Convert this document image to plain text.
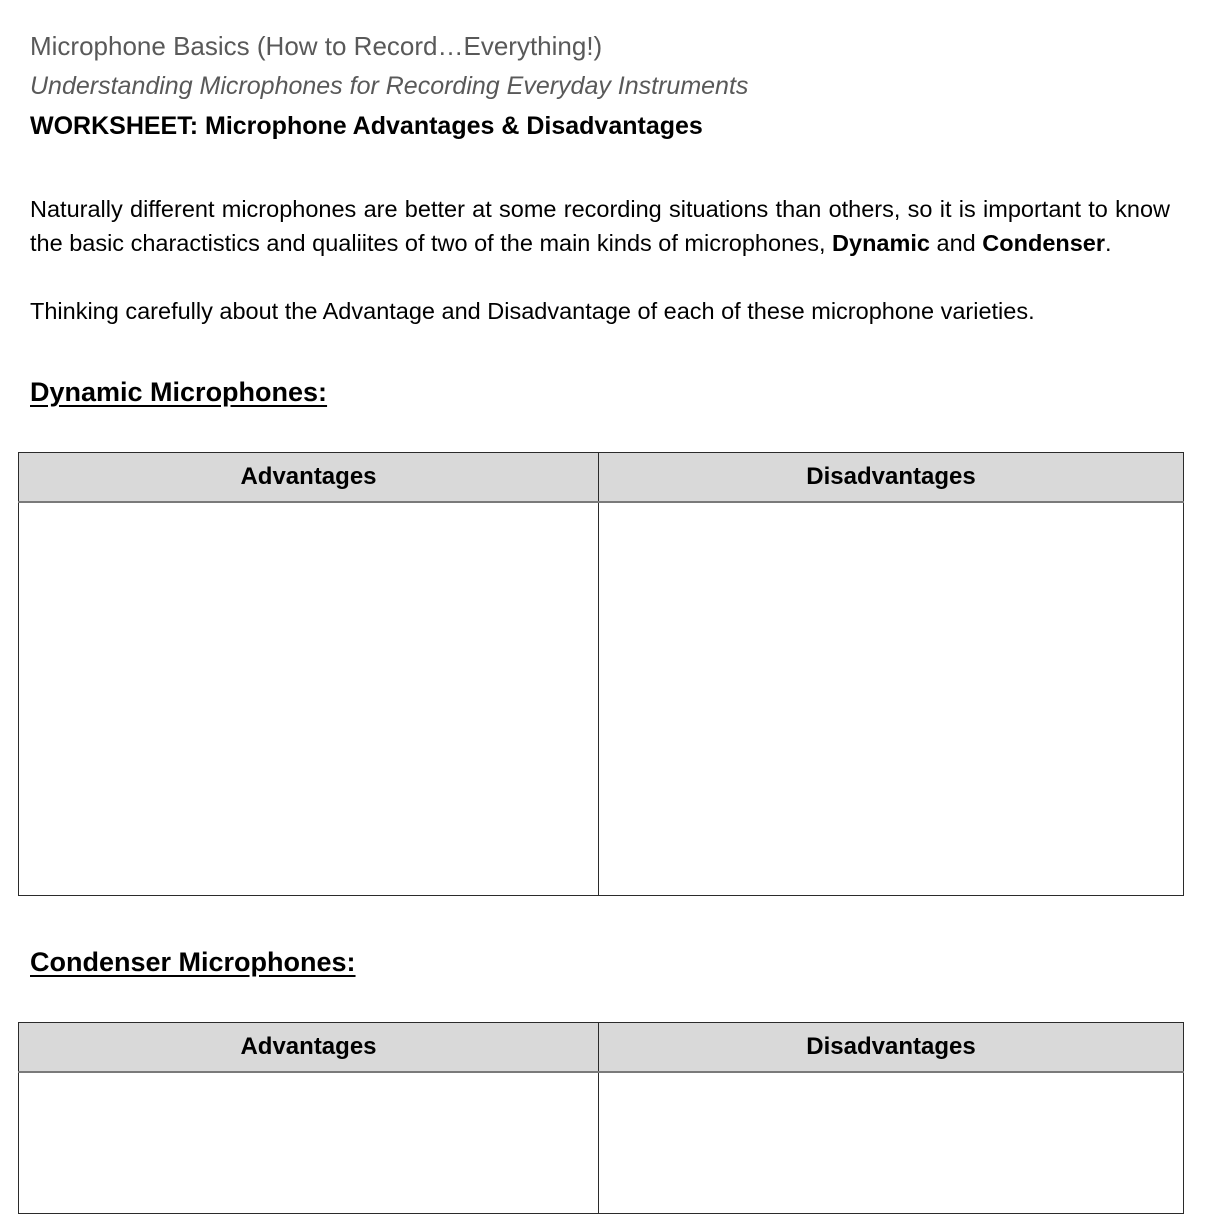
Microphone Basics (How to Record…Everything!)
Understanding Microphones for Recording Everyday Instruments
WORKSHEET: Microphone Advantages & Disadvantages

Naturally different microphones are better at some recording situations than others, so it is important to know the basic charactistics and qualiites of two of the main kinds of microphones, Dynamic and Condenser.

Thinking carefully about the Advantage and Disadvantage of each of these microphone varieties.

Dynamic Microphones:
Advantages	Disadvantages

Condenser Microphones:
Advantages	Disadvantages
